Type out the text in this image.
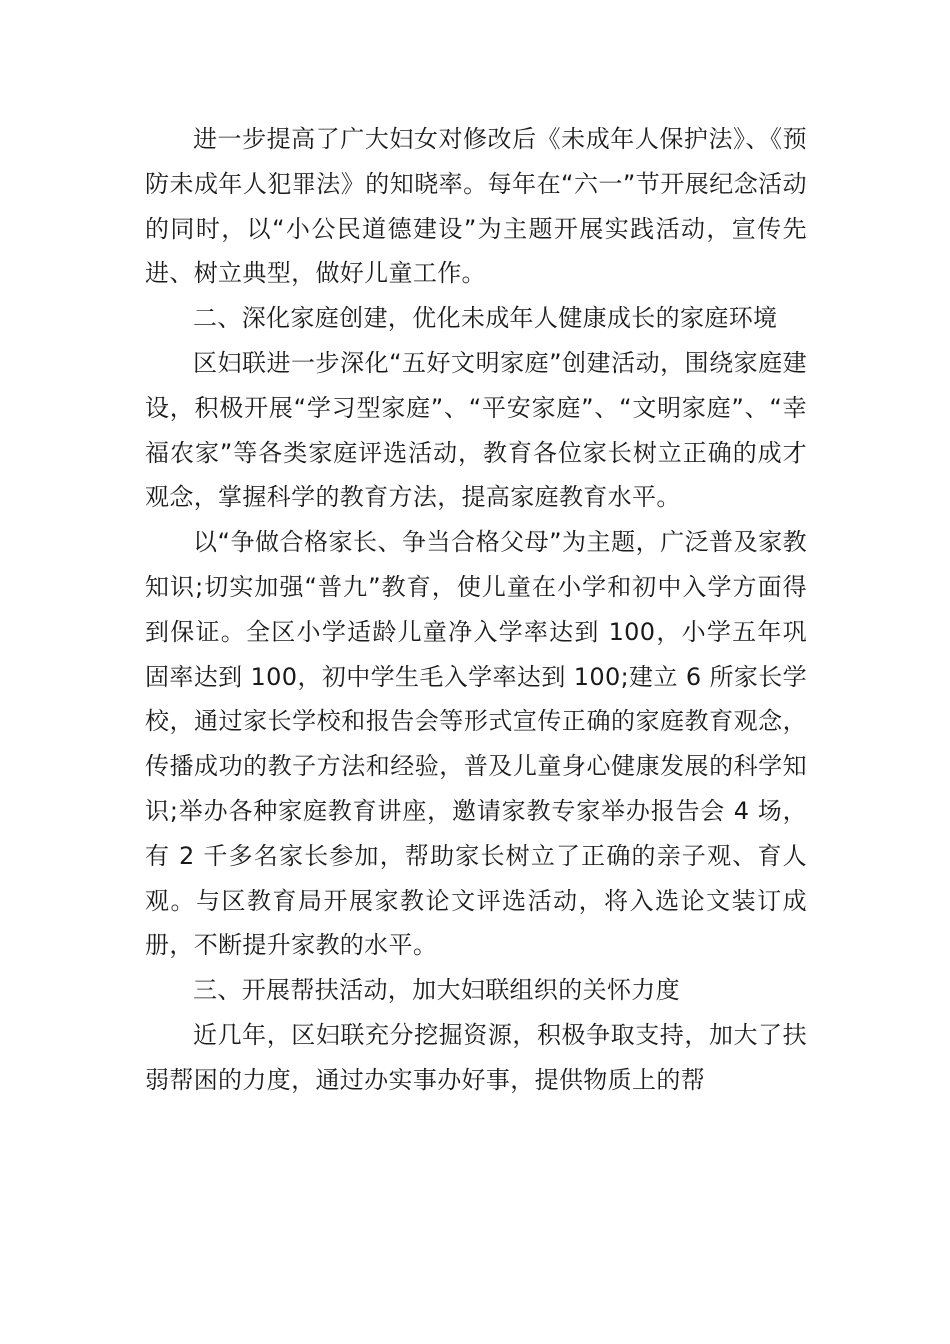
进一步提高了广大妇女对修改后《未成年人保护法》、《预防未成年人犯罪法》的知晓率。每年在“六一”节开展纪念活动的同时，以“小公民道德建设”为主题开展实践活动，宣传先进、树立典型，做好儿童工作。

二、深化家庭创建，优化未成年人健康成长的家庭环境

区妇联进一步深化“五好文明家庭”创建活动，围绕家庭建设，积极开展“学习型家庭”、“平安家庭”、“文明家庭”、“幸福农家”等各类家庭评选活动，教育各位家长树立正确的成才观念，掌握科学的教育方法，提高家庭教育水平。

以“争做合格家长、争当合格父母”为主题，广泛普及家教知识;切实加强“普九”教育，使儿童在小学和初中入学方面得到保证。全区小学适龄儿童净入学率达到 100，小学五年巩固率达到 100，初中学生毛入学率达到 100;建立 6 所家长学校，通过家长学校和报告会等形式宣传正确的家庭教育观念，传播成功的教子方法和经验，普及儿童身心健康发展的科学知识;举办各种家庭教育讲座，邀请家教专家举办报告会 4 场，有 2 千多名家长参加，帮助家长树立了正确的亲子观、育人观。与区教育局开展家教论文评选活动，将入选论文装订成册，不断提升家教的水平。

三、开展帮扶活动，加大妇联组织的关怀力度

近几年，区妇联充分挖掘资源，积极争取支持，加大了扶弱帮困的力度，通过办实事办好事，提供物质上的帮
